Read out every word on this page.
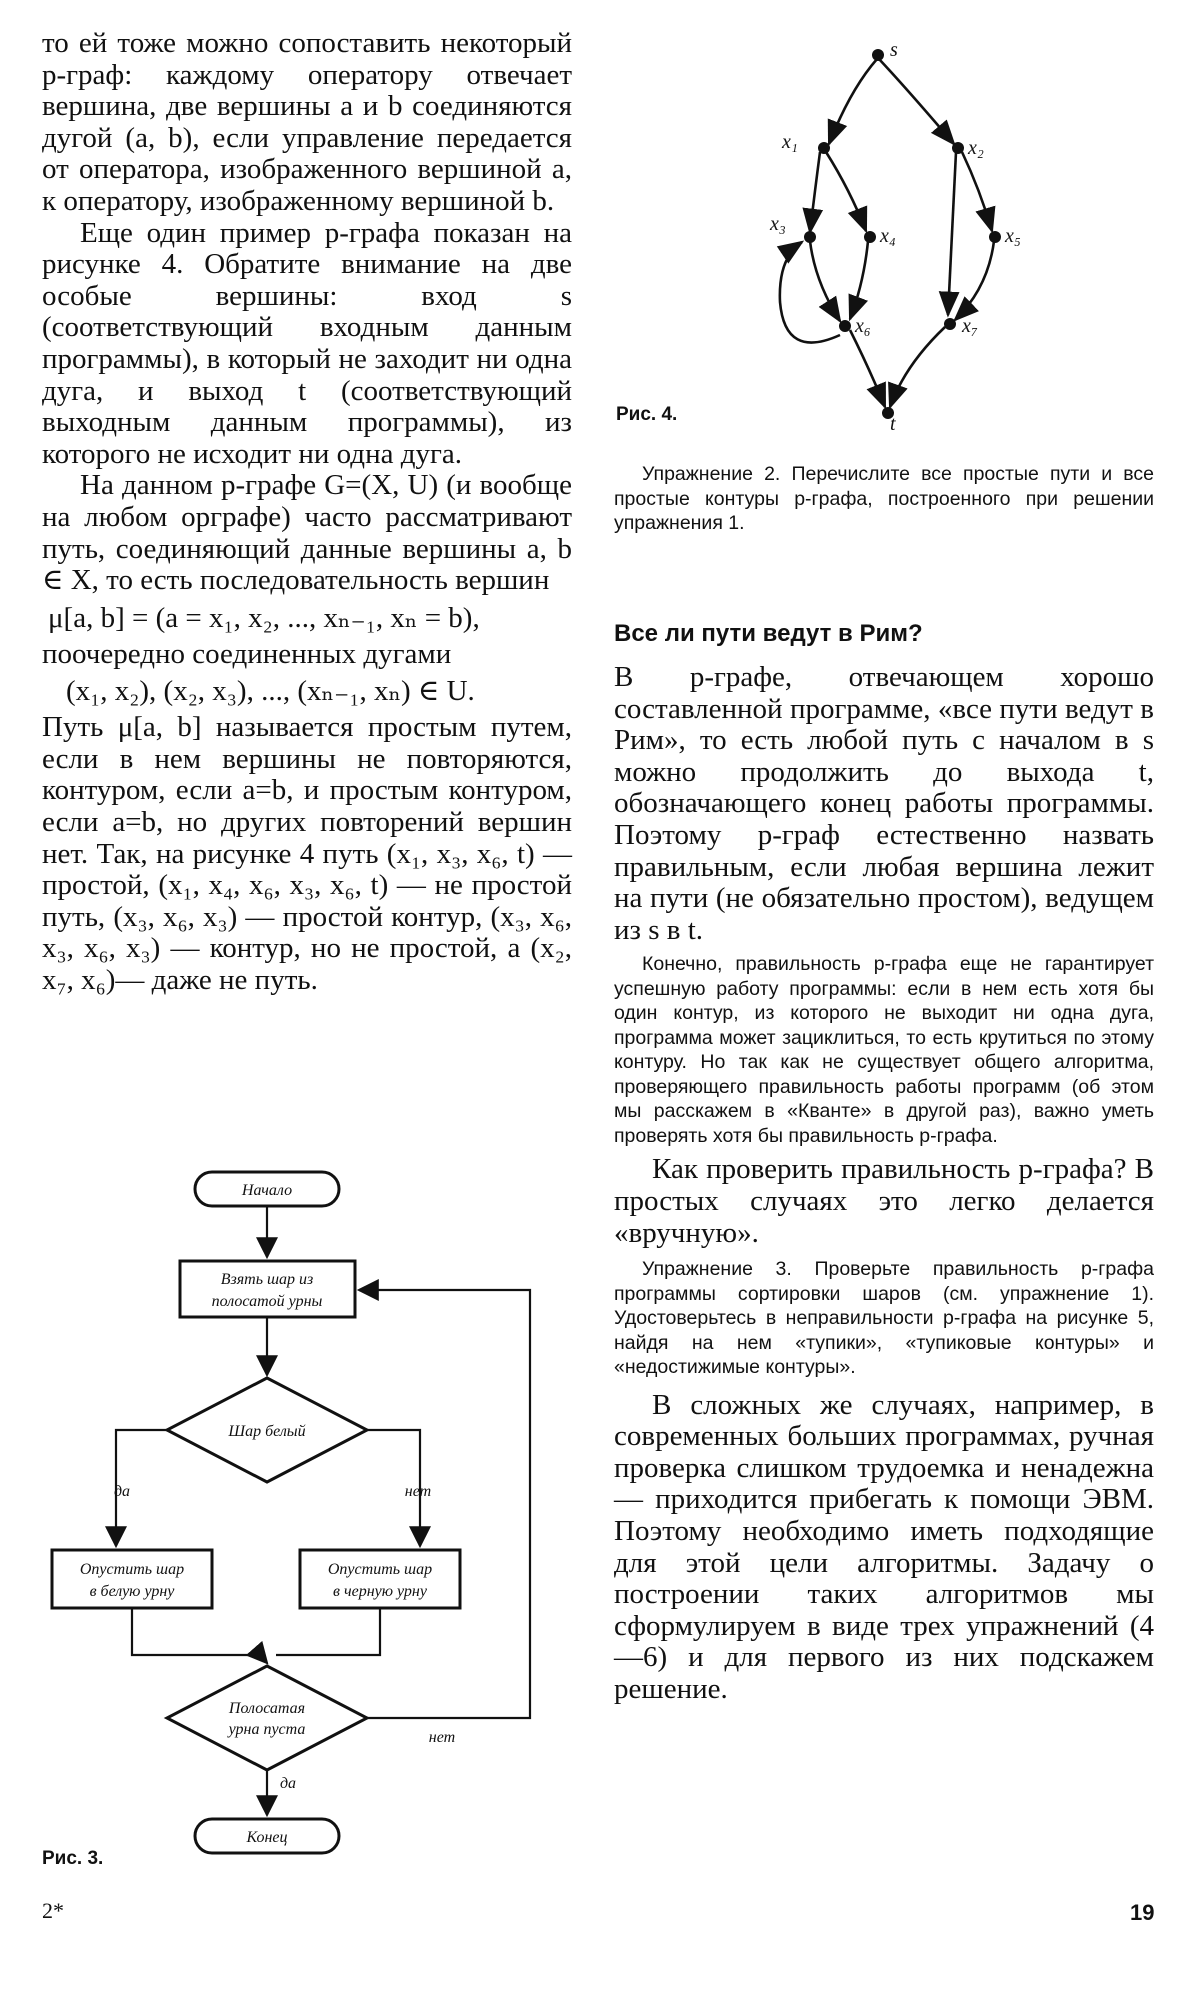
то ей тоже можно сопоставить некоторый p-граф: каждому оператору отвечает вершина, две вершины a и b соединяются дугой (a, b), если управление передается от оператора, изображенного вершиной a, к оператору, изображенному вершиной b.

Еще один пример p-графа показан на рисунке 4. Обратите внимание на две особые вершины: вход s (соответствующий входным данным программы), в который не заходит ни одна дуга, и выход t (соответствующий выходным данным программы), из которого не исходит ни одна дуга.

На данном p-графе G=(X, U) (и вообще на любом орграфе) часто рассматривают путь, соединяющий данные вершины a, b ∈ X, то есть последовательность вершин

μ[a, b] = (a = x₁, x₂, ..., xₙ₋₁, xₙ = b),

поочередно соединенных дугами

(x₁, x₂), (x₂, x₃), ..., (xₙ₋₁, xₙ) ∈ U.

Путь μ[a, b] называется простым путем, если в нем вершины не повторяются, контуром, если a=b, и простым контуром, если a=b, но других повторений вершин нет. Так, на рисунке 4 путь (x₁, x₃, x₆, t) — простой, (x₁, x₄, x₆, x₃, x₆, t) — не простой путь, (x₃, x₆, x₃) — простой контур, (x₃, x₆, x₃, x₆, x₃) — контур, но не простой, а (x₂, x₇, x₆)— даже не путь.

Начало
Взять шар из
полосатой урны
Шар белый
да	нет
Опустить шар
в белую урну
Опустить шар
в черную урну
Полосатая
урна пуста	нет
да
Конец
Рис. 3.
s
x₁	x₂
x₃
x₄	x₅
x₆	x₇
t
Рис. 4.

Упражнение 2. Перечислите все простые пути и все простые контуры p-графа, построенного при решении упражнения 1.

Все ли пути ведут в Рим?

В p-графе, отвечающем хорошо составленной программе, «все пути ведут в Рим», то есть любой путь с началом в s можно продолжить до выхода t, обозначающего конец работы программы. Поэтому p-граф естественно назвать правильным, если любая вершина лежит на пути (не обязательно простом), ведущем из s в t.

Конечно, правильность p-графа еще не гарантирует успешную работу программы: если в нем есть хотя бы один контур, из которого не выходит ни одна дуга, программа может зациклиться, то есть крутиться по этому контуру. Но так как не существует общего алгоритма, проверяющего правильность работы программ (об этом мы расскажем в «Кванте» в другой раз), важно уметь проверять хотя бы правильность p-графа.

Как проверить правильность p-графа? В простых случаях это легко делается «вручную».

Упражнение 3. Проверьте правильность p-графа программы сортировки шаров (см. упражнение 1). Удостоверьтесь в неправильности p-графа на рисунке 5, найдя на нем «тупики», «тупиковые контуры» и «недостижимые контуры».

В сложных же случаях, например, в современных больших программах, ручная проверка слишком трудоемка и ненадежна — приходится прибегать к помощи ЭВМ. Поэтому необходимо иметь подходящие для этой цели алгоритмы. Задачу о построении таких алгоритмов мы сформулируем в виде трех упражнений (4—6) и для первого из них подскажем решение.

2*	19
